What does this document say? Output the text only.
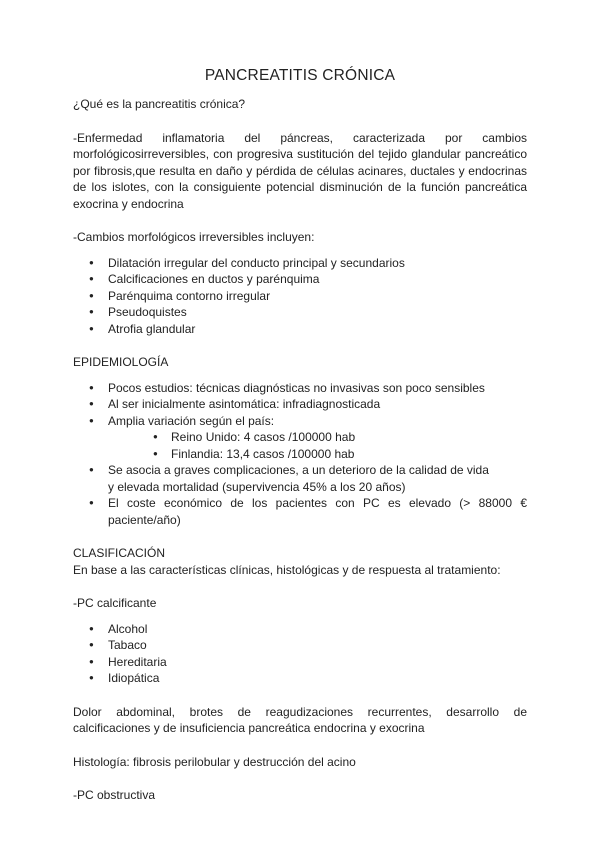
PANCREATITIS CRÓNICA

¿Qué es la pancreatitis crónica?

-Enfermedad inflamatoria del páncreas, caracterizada por cambios morfológicosirreversibles, con progresiva sustitución del tejido glandular pancreático por fibrosis,que resulta en daño y pérdida de células acinares, ductales y endocrinas de los islotes, con la consiguiente potencial disminución de la función pancreática exocrina y endocrina

-Cambios morfológicos irreversibles incluyen:

● Dilatación irregular del conducto principal y secundarios
● Calcificaciones en ductos y parénquima
● Parénquima contorno irregular
● Pseudoquistes
● Atrofia glandular

EPIDEMIOLOGÍA

● Pocos estudios: técnicas diagnósticas no invasivas son poco sensibles
● Al ser inicialmente asintomática: infradiagnosticada
● Amplia variación según el país:
● Reino Unido: 4 casos /100000 hab
● Finlandia: 13,4 casos /100000 hab
● Se asocia a graves complicaciones, a un deterioro de la calidad de vida
y elevada mortalidad (supervivencia 45% a los 20 años)
● El coste económico de los pacientes con PC es elevado (> 88000 € paciente/año)

CLASIFICACIÓN

En base a las características clínicas, histológicas y de respuesta al tratamiento:

-PC calcificante

● Alcohol
● Tabaco
● Hereditaria
● Idiopática

Dolor abdominal, brotes de reagudizaciones recurrentes, desarrollo de calcificaciones y de insuficiencia pancreática endocrina y exocrina

Histología: fibrosis perilobular y destrucción del acino

-PC obstructiva
